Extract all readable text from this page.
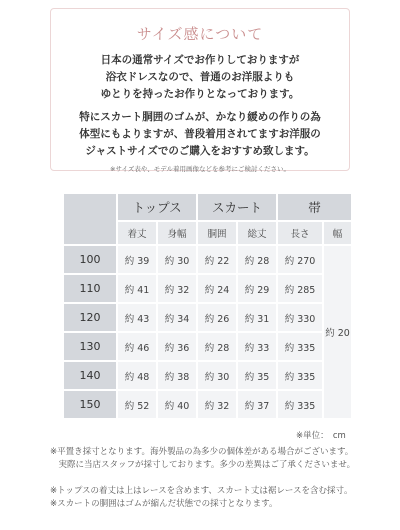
サイズ感について
日本の通常サイズでお作りしておりますが
浴衣ドレスなので、普通のお洋服よりも
ゆとりを持ったお作りとなっております。
特にスカート胴囲のゴムが、かなり緩めの作りの為
体型にもよりますが、普段着用されてますお洋服の
ジャストサイズでのご購入をおすすめ致します。
※サイズ表や、モデル着用画像などを参考にご検討ください。
	トップス		スカート		帯	
	着丈	身幅	胴囲	総丈	長さ	幅
100	約 39	約 30	約 22	約 28	約 270	約 20
110	約 41	約 32	約 24	約 29	約 285	
120	約 43	約 34	約 26	約 31	約 330	
130	約 46	約 36	約 28	約 33	約 335	
140	約 48	約 38	約 30	約 35	約 335	
150	約 52	約 40	約 32	約 37	約 335	
※単位：　cm
※平置き採寸となります。海外製品の為多少の個体差がある場合がございます。
　実際に当店スタッフが採寸しております。多少の差異はご了承くださいませ。
※トップスの着丈は上はレースを含めます、スカート丈は裾レースを含む採寸。
※スカートの胴囲はゴムが縮んだ状態での採寸となります。
